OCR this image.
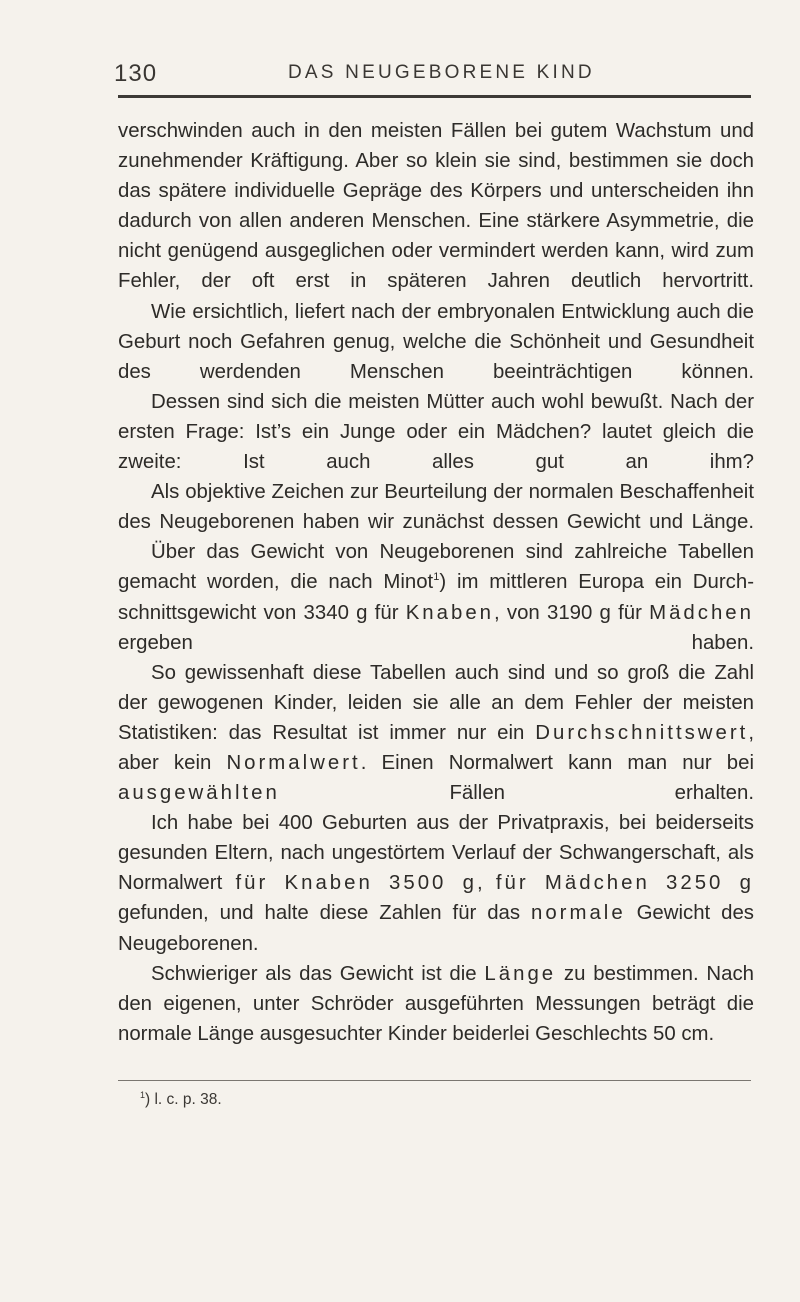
130	DAS NEUGEBORENE KIND

verschwinden auch in den meisten Fällen bei gutem Wachstum und zunehmender Kräftigung. Aber so klein sie sind, bestimmen sie doch das spätere individuelle Gepräge des Körpers und unterscheiden ihn dadurch von allen anderen Menschen. Eine stärkere Asymmetrie, die nicht genügend ausgeglichen oder vermindert werden kann, wird zum Fehler, der oft erst in späteren Jahren deutlich hervortritt.

Wie ersichtlich, liefert nach der embryonalen Entwicklung auch die Geburt noch Gefahren genug, welche die Schönheit und Gesundheit des werdenden Menschen beeinträchtigen können.

Dessen sind sich die meisten Mütter auch wohl bewußt. Nach der ersten Frage: Ist’s ein Junge oder ein Mädchen? lautet gleich die zweite: Ist auch alles gut an ihm?

Als objektive Zeichen zur Beurteilung der normalen Beschaffenheit des Neugeborenen haben wir zunächst dessen Gewicht und Länge.

Über das Gewicht von Neugeborenen sind zahlreiche Tabellen gemacht worden, die nach Minot$^1$) im mittleren Europa ein Durchschnittsgewicht von 3340 g für Knaben, von 3190 g für Mädchen ergeben haben.

So gewissenhaft diese Tabellen auch sind und so groß die Zahl der gewogenen Kinder, leiden sie alle an dem Fehler der meisten Statistiken: das Resultat ist immer nur ein Durchschnittswert, aber kein Normalwert. Einen Normalwert kann man nur bei ausgewählten Fällen erhalten.

Ich habe bei 400 Geburten aus der Privatpraxis, bei beiderseits gesunden Eltern, nach ungestörtem Verlauf der Schwangerschaft, als Normalwert für Knaben 3500 g, für Mädchen 3250 g gefunden, und halte diese Zahlen für das normale Gewicht des Neugeborenen.

Schwieriger als das Gewicht ist die Länge zu bestimmen. Nach den eigenen, unter Schröder ausgeführten Messungen beträgt die normale Länge ausgesuchter Kinder beiderlei Geschlechts 50 cm.

$^1$) l. c. p. 38.
